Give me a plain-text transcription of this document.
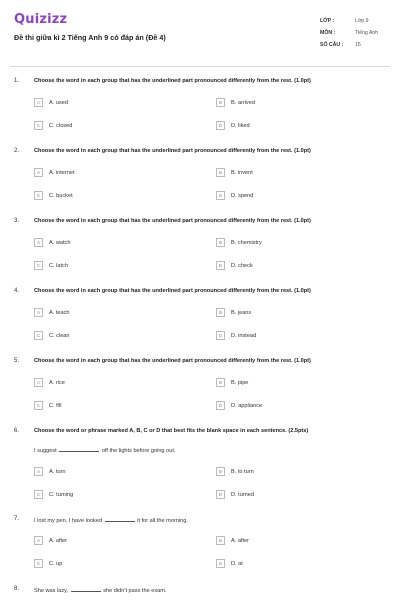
Quizizz
Đề thi giữa kì 2 Tiếng Anh 9 có đáp án (Đề 4)
LỚP :	Lớp 9
MÔN :	Tiếng Anh
SỐ CÂU :	15
1.	Choose the word in each group that has the underlined part pronounced differently from the rest. (1.0pt)
A	A. used	B	B. arrived
C	C. closed	D	D. liked
2.	Choose the word in each group that has the underlined part pronounced differently from the rest. (1.0pt)
A	A. internet	B	B. invent
C	C. bucket	D	D. spend
3.	Choose the word in each group that has the underlined part pronounced differently from the rest. (1.0pt)
A	A. watch	B	B. chemistry
C	C. latch	D	D. check
4.	Choose the word in each group that has the underlined part pronounced differently from the rest. (1.0pt)
A	A. teach	B	B. jeans
C	C. clean	D	D. instead
5.	Choose the word in each group that has the underlined part pronounced differently from the rest. (1.0pt)
A	A. rice	B	B. pipe
C	C. fill	D	D. appliance
6.	Choose the word or phrase marked A, B, C or D that best fits the blank space in each sentence. (2.5pts)
I suggest	off the lights before going out.
A	A. turn	B	B. to turn
C	C. turning	D	D. turned
7.	I lost my pen. I have looked	it for all the morning.
A	A. after	B	A. after
C	C. up	D	D. at
8.	She was lazy,	she didn't pass the exam.
